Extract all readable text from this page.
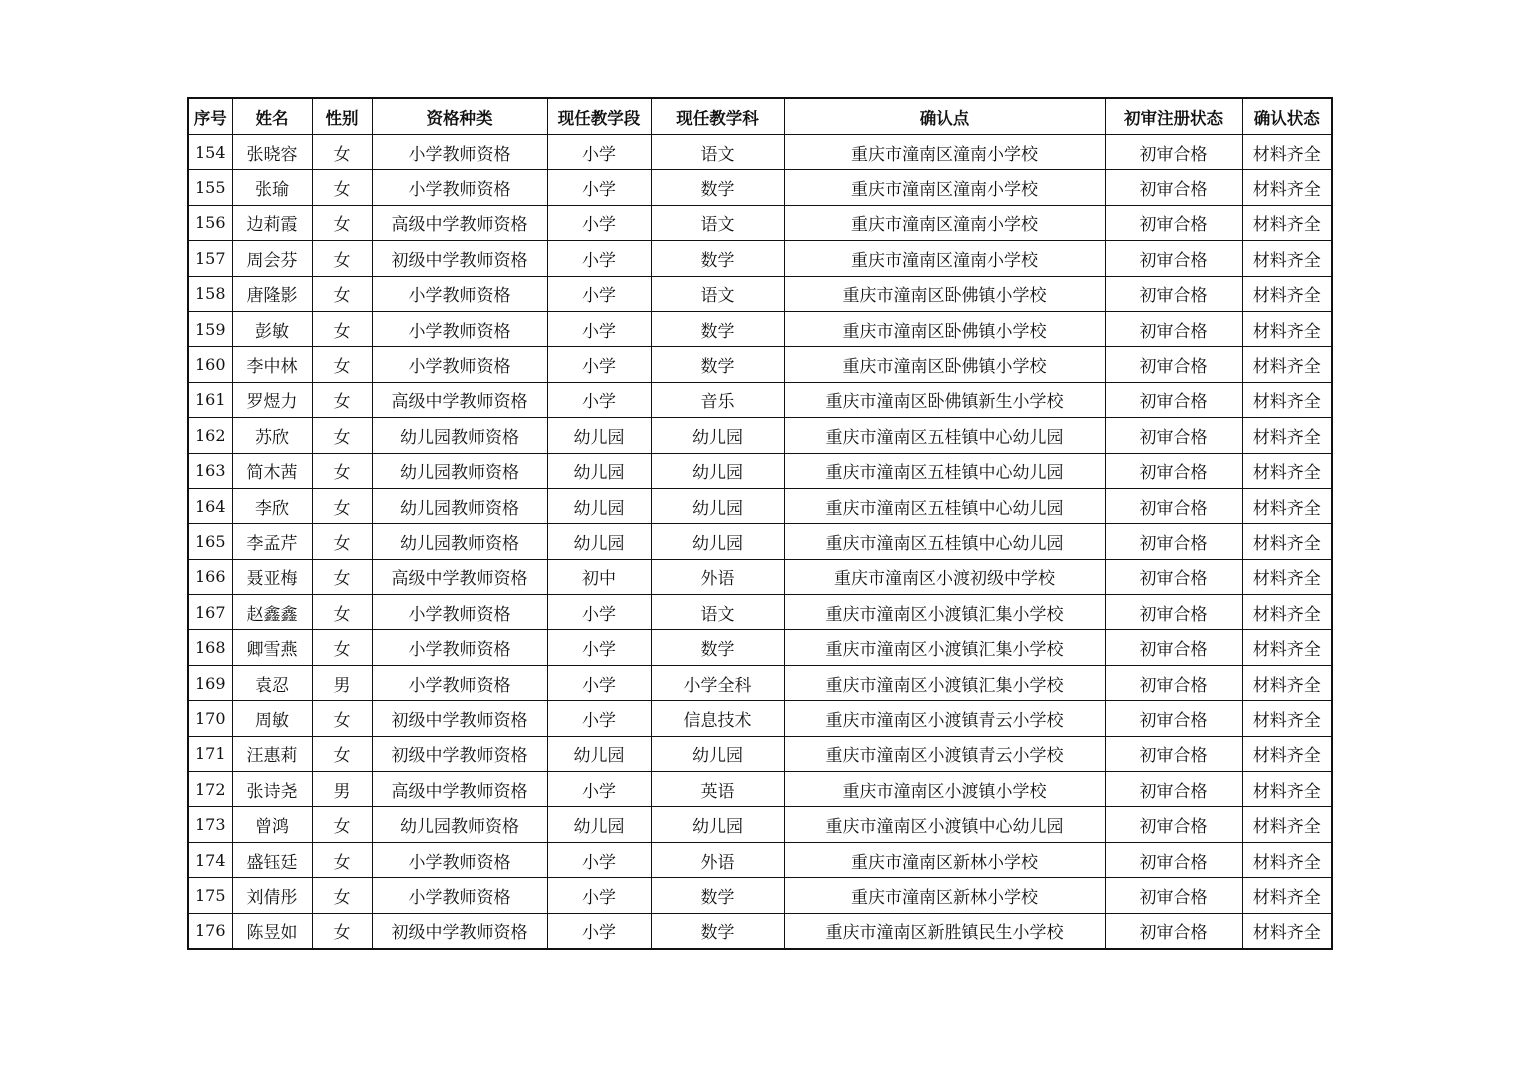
序号	姓名	性别	资格种类	现任教学段	现任教学科	确认点	初审注册状态	确认状态
154	张晓容	女	小学教师资格	小学	语文	重庆市潼南区潼南小学校	初审合格	材料齐全
155	张瑜	女	小学教师资格	小学	数学	重庆市潼南区潼南小学校	初审合格	材料齐全
156	边莉霞	女	高级中学教师资格	小学	语文	重庆市潼南区潼南小学校	初审合格	材料齐全
157	周会芬	女	初级中学教师资格	小学	数学	重庆市潼南区潼南小学校	初审合格	材料齐全
158	唐隆影	女	小学教师资格	小学	语文	重庆市潼南区卧佛镇小学校	初审合格	材料齐全
159	彭敏	女	小学教师资格	小学	数学	重庆市潼南区卧佛镇小学校	初审合格	材料齐全
160	李中林	女	小学教师资格	小学	数学	重庆市潼南区卧佛镇小学校	初审合格	材料齐全
161	罗煜力	女	高级中学教师资格	小学	音乐	重庆市潼南区卧佛镇新生小学校	初审合格	材料齐全
162	苏欣	女	幼儿园教师资格	幼儿园	幼儿园	重庆市潼南区五桂镇中心幼儿园	初审合格	材料齐全
163	简木茜	女	幼儿园教师资格	幼儿园	幼儿园	重庆市潼南区五桂镇中心幼儿园	初审合格	材料齐全
164	李欣	女	幼儿园教师资格	幼儿园	幼儿园	重庆市潼南区五桂镇中心幼儿园	初审合格	材料齐全
165	李孟芹	女	幼儿园教师资格	幼儿园	幼儿园	重庆市潼南区五桂镇中心幼儿园	初审合格	材料齐全
166	聂亚梅	女	高级中学教师资格	初中	外语	重庆市潼南区小渡初级中学校	初审合格	材料齐全
167	赵鑫鑫	女	小学教师资格	小学	语文	重庆市潼南区小渡镇汇集小学校	初审合格	材料齐全
168	卿雪燕	女	小学教师资格	小学	数学	重庆市潼南区小渡镇汇集小学校	初审合格	材料齐全
169	袁忍	男	小学教师资格	小学	小学全科	重庆市潼南区小渡镇汇集小学校	初审合格	材料齐全
170	周敏	女	初级中学教师资格	小学	信息技术	重庆市潼南区小渡镇青云小学校	初审合格	材料齐全
171	汪惠莉	女	初级中学教师资格	幼儿园	幼儿园	重庆市潼南区小渡镇青云小学校	初审合格	材料齐全
172	张诗尧	男	高级中学教师资格	小学	英语	重庆市潼南区小渡镇小学校	初审合格	材料齐全
173	曾鸿	女	幼儿园教师资格	幼儿园	幼儿园	重庆市潼南区小渡镇中心幼儿园	初审合格	材料齐全
174	盛钰廷	女	小学教师资格	小学	外语	重庆市潼南区新林小学校	初审合格	材料齐全
175	刘倩彤	女	小学教师资格	小学	数学	重庆市潼南区新林小学校	初审合格	材料齐全
176	陈昱如	女	初级中学教师资格	小学	数学	重庆市潼南区新胜镇民生小学校	初审合格	材料齐全
